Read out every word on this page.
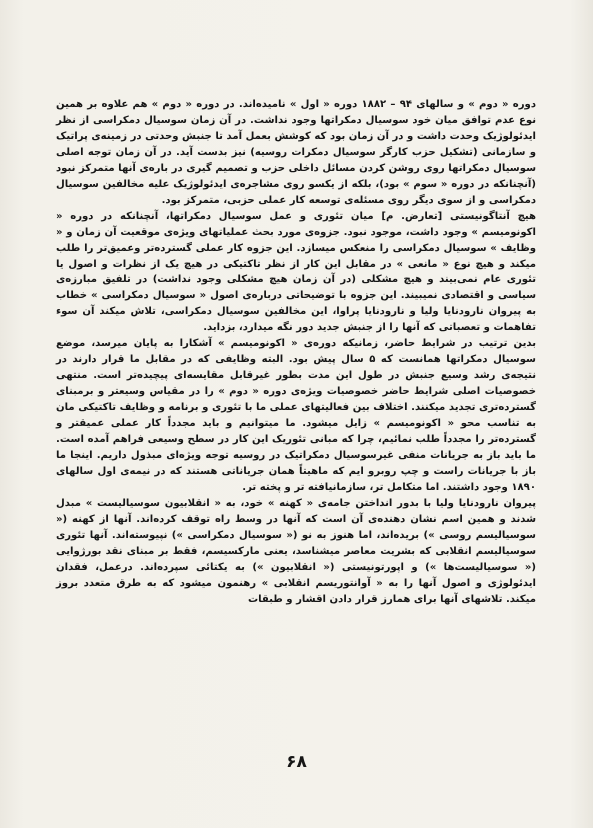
دوره « دوم » و سالهای ۹۴ – ۱۸۸۲ دوره « اول » نامیده‌اند. در دوره « دوم » هم علاوه بر همین نوع عدم توافق میان خود سوسیال دمکراتها وجود نداشت. در آن زمان سوسیال دمکراسی از نظر ایدئولوژیک وحدت داشت و در آن زمان بود که کوشش بعمل آمد تا جنبش وحدتی در زمینه‌ی پراتیک و سازمانی (تشکیل حزب کارگر سوسیال دمکرات روسیه) نیز بدست آید. در آن زمان توجه اصلی سوسیال دمکراتها روی روشن کردن مسائل داخلی حزب و تصمیم گیری در باره‌ی آنها متمرکز نبود (آنچنانکه در دوره « سوم » بود)، بلکه از یکسو روی مشاجره‌ی ایدئولوژیک علیه مخالفین سوسیال دمکراسی و از سوی دیگر روی مسئله‌ی توسعه کار عملی حزبی، متمرکز بود.

هیچ آنتاگونیستی [تعارض. م] میان تئوری و عمل سوسیال دمکراتها، آنچنانکه در دوره « اکونومیسم » وجود داشت، موجود نبود. جزوه‌ی مورد بحث عملیاتهای ویژه‌ی موقعیت آن زمان و « وظایف » سوسیال دمکراسی را منعکس میسازد. این جزوه کار عملی گسترده‌تر وعمیق‌تر را طلب میکند و هیچ نوع « مانعی » در مقابل این کار از نظر تاکتیکی در هیچ یک از نظرات و اصول یا تئوری عام نمی‌بیند و هیچ مشکلی (در آن زمان هیچ مشکلی وجود نداشت) در تلفیق مبارزه‌ی سیاسی و اقتصادی نمیبیند. این جزوه با توضیحاتی درباره‌ی اصول « سوسیال دمکراسی » خطاب به پیروان نارودنایا ولیا و نارودنایا پراوا، این مخالفین سوسیال دمکراسی، تلاش میکند آن سوء تفاهمات و تعصباتی که آنها را از جنبش جدید دور نگه میدارد، بزداید.

بدین ترتیب در شرایط حاضر، زمانیکه دوره‌ی « اکونومیسم » آشکارا به پایان میرسد، موضع سوسیال دمکراتها همانست که ۵ سال پیش بود. البته وظایفی که در مقابل ما قرار دارند در نتیجه‌ی رشد وسیع جنبش در طول این مدت بطور غیرقابل مقایسه‌ای پیچیده‌تر است. منتهی خصوصیات اصلی شرایط حاضر خصوصیات ویژه‌ی دوره « دوم » را در مقیاس وسیعتر و برمبنای گسترده‌تری تجدید میکنند. اختلاف بین فعالیتهای عملی ما با تئوری و برنامه و وظایف تاکتیکی مان به تناسب محو « اکونومیسم » زایل میشود. ما میتوانیم و باید مجدداً کار عملی عمیقتر و گسترده‌تر را مجدداً طلب نمائیم، چرا که مبانی تئوریک این کار در سطح وسیعی فراهم آمده است. ما باید باز به جریانات منفی غیرسوسیال دمکراتیک در روسیه توجه ویژه‌ای مبذول داریم. اینجا ما باز با جریانات راست و چپ روبرو ایم که ماهیتاً همان جریاناتی هستند که در نیمه‌ی اول سالهای ۱۸۹۰ وجود داشتند. اما متکامل تر، سازمانیافته تر و پخته تر.

پیروان نارودنایا ولیا با بدور انداختن جامه‌ی « کهنه » خود، به « انقلابیون سوسیالیست » مبدل شدند و همین اسم نشان دهنده‌ی آن است که آنها در وسط راه توقف کرده‌اند. آنها از کهنه (« سوسیالیسم روسی ») بریده‌اند، اما هنوز به نو (« سوسیال دمکراسی ») نپیوسته‌اند. آنها تئوری سوسیالیسم انقلابی که بشریت معاصر میشناسد، یعنی مارکسیسم، فقط بر مبنای نقد بورژوایی (« سوسیالیست‌ها ») و اپورتونیستی (« انقلابیون ») به یکتائی سپرده‌اند. درعمل، فقدان ایدئولوژی و اصول آنها را به « آوانتوریسم انقلابی » رهنمون میشود که به طرق متعدد بروز میکند. تلاشهای آنها برای همارز قرار دادن اقشار و طبقات

۶۸
